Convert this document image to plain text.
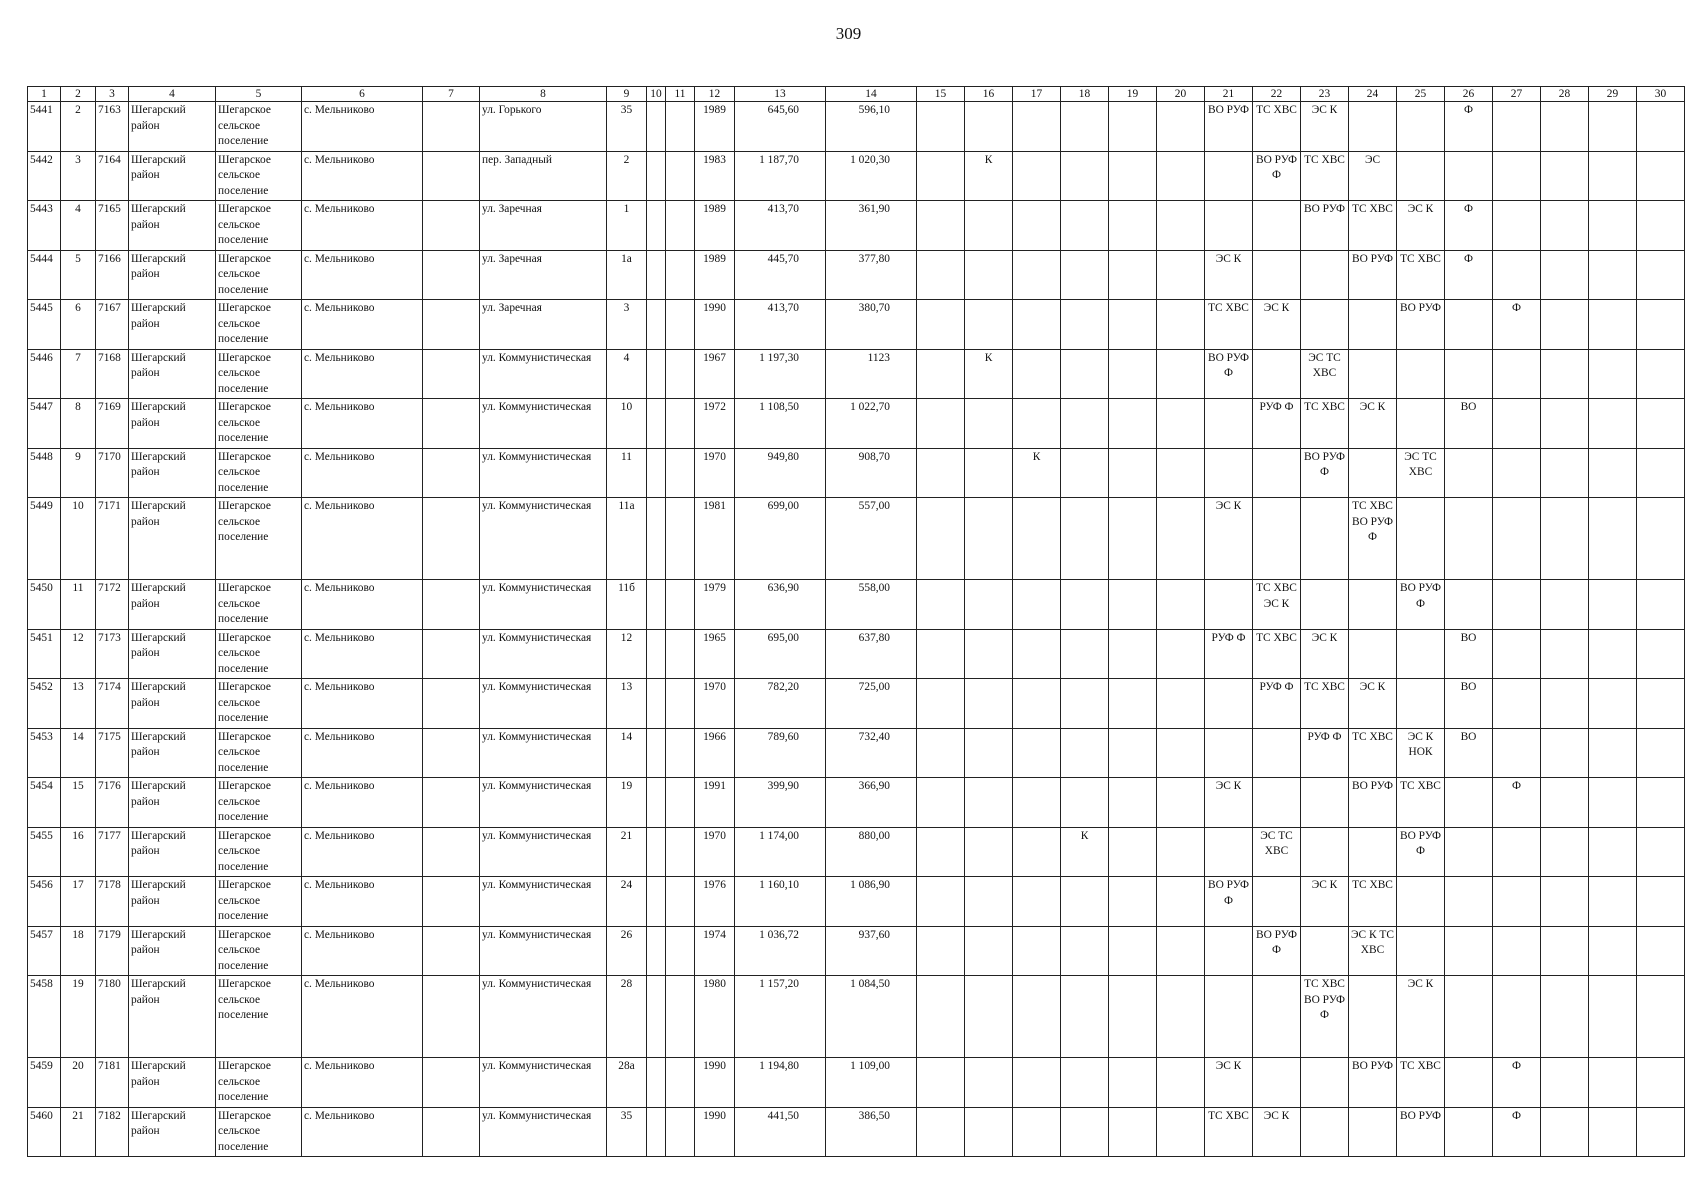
309
1	2	3	4	5	6	7	8	9	10	11	12	13	14	15	16	17	18	19	20	21	22	23	24	25	26	27	28	29	30
5441	2	7163	Шегарский район	Шегарское сельское поселение	с. Мельниково		ул. Горького	35			1989	645,60	596,10							ВО РУФ	ТС ХВС	ЭС К			Ф				
5442	3	7164	Шегарский район	Шегарское сельское поселение	с. Мельниково		пер. Западный	2			1983	1 187,70	1 020,30		К						ВО РУФ Ф	ТС ХВС	ЭС						
5443	4	7165	Шегарский район	Шегарское сельское поселение	с. Мельниково		ул. Заречная	1			1989	413,70	361,90									ВО РУФ	ТС ХВС	ЭС К	Ф				
5444	5	7166	Шегарский район	Шегарское сельское поселение	с. Мельниково		ул. Заречная	1а			1989	445,70	377,80							ЭС К			ВО РУФ	ТС ХВС	Ф				
5445	6	7167	Шегарский район	Шегарское сельское поселение	с. Мельниково		ул. Заречная	3			1990	413,70	380,70							ТС ХВС	ЭС К			ВО РУФ		Ф			
5446	7	7168	Шегарский район	Шегарское сельское поселение	с. Мельниково		ул. Коммунистическая	4			1967	1 197,30	1123		К					ВО РУФ Ф		ЭС ТС ХВС							
5447	8	7169	Шегарский район	Шегарское сельское поселение	с. Мельниково		ул. Коммунистическая	10			1972	1 108,50	1 022,70								РУФ Ф	ТС ХВС	ЭС К		ВО				
5448	9	7170	Шегарский район	Шегарское сельское поселение	с. Мельниково		ул. Коммунистическая	11			1970	949,80	908,70			К						ВО РУФ Ф		ЭС ТС ХВС					
5449	10	7171	Шегарский район	Шегарское сельское поселение	с. Мельниково		ул. Коммунистическая	11а			1981	699,00	557,00							ЭС К			ТС ХВС ВО РУФ Ф						
5450	11	7172	Шегарский район	Шегарское сельское поселение	с. Мельниково		ул. Коммунистическая	11б			1979	636,90	558,00								ТС ХВС ЭС К			ВО РУФ Ф					
5451	12	7173	Шегарский район	Шегарское сельское поселение	с. Мельниково		ул. Коммунистическая	12			1965	695,00	637,80							РУФ Ф	ТС ХВС	ЭС К			ВО				
5452	13	7174	Шегарский район	Шегарское сельское поселение	с. Мельниково		ул. Коммунистическая	13			1970	782,20	725,00								РУФ Ф	ТС ХВС	ЭС К		ВО				
5453	14	7175	Шегарский район	Шегарское сельское поселение	с. Мельниково		ул. Коммунистическая	14			1966	789,60	732,40									РУФ Ф	ТС ХВС	ЭС К НОК	ВО				
5454	15	7176	Шегарский район	Шегарское сельское поселение	с. Мельниково		ул. Коммунистическая	19			1991	399,90	366,90							ЭС К			ВО РУФ	ТС ХВС		Ф			
5455	16	7177	Шегарский район	Шегарское сельское поселение	с. Мельниково		ул. Коммунистическая	21			1970	1 174,00	880,00				К				ЭС ТС ХВС			ВО РУФ Ф					
5456	17	7178	Шегарский район	Шегарское сельское поселение	с. Мельниково		ул. Коммунистическая	24			1976	1 160,10	1 086,90							ВО РУФ Ф		ЭС К	ТС ХВС						
5457	18	7179	Шегарский район	Шегарское сельское поселение	с. Мельниково		ул. Коммунистическая	26			1974	1 036,72	937,60								ВО РУФ Ф		ЭС К ТС ХВС						
5458	19	7180	Шегарский район	Шегарское сельское поселение	с. Мельниково		ул. Коммунистическая	28			1980	1 157,20	1 084,50									ТС ХВС ВО РУФ Ф		ЭС К					
5459	20	7181	Шегарский район	Шегарское сельское поселение	с. Мельниково		ул. Коммунистическая	28а			1990	1 194,80	1 109,00							ЭС К			ВО РУФ	ТС ХВС		Ф			
5460	21	7182	Шегарский район	Шегарское сельское поселение	с. Мельниково		ул. Коммунистическая	35			1990	441,50	386,50							ТС ХВС	ЭС К			ВО РУФ		Ф			
